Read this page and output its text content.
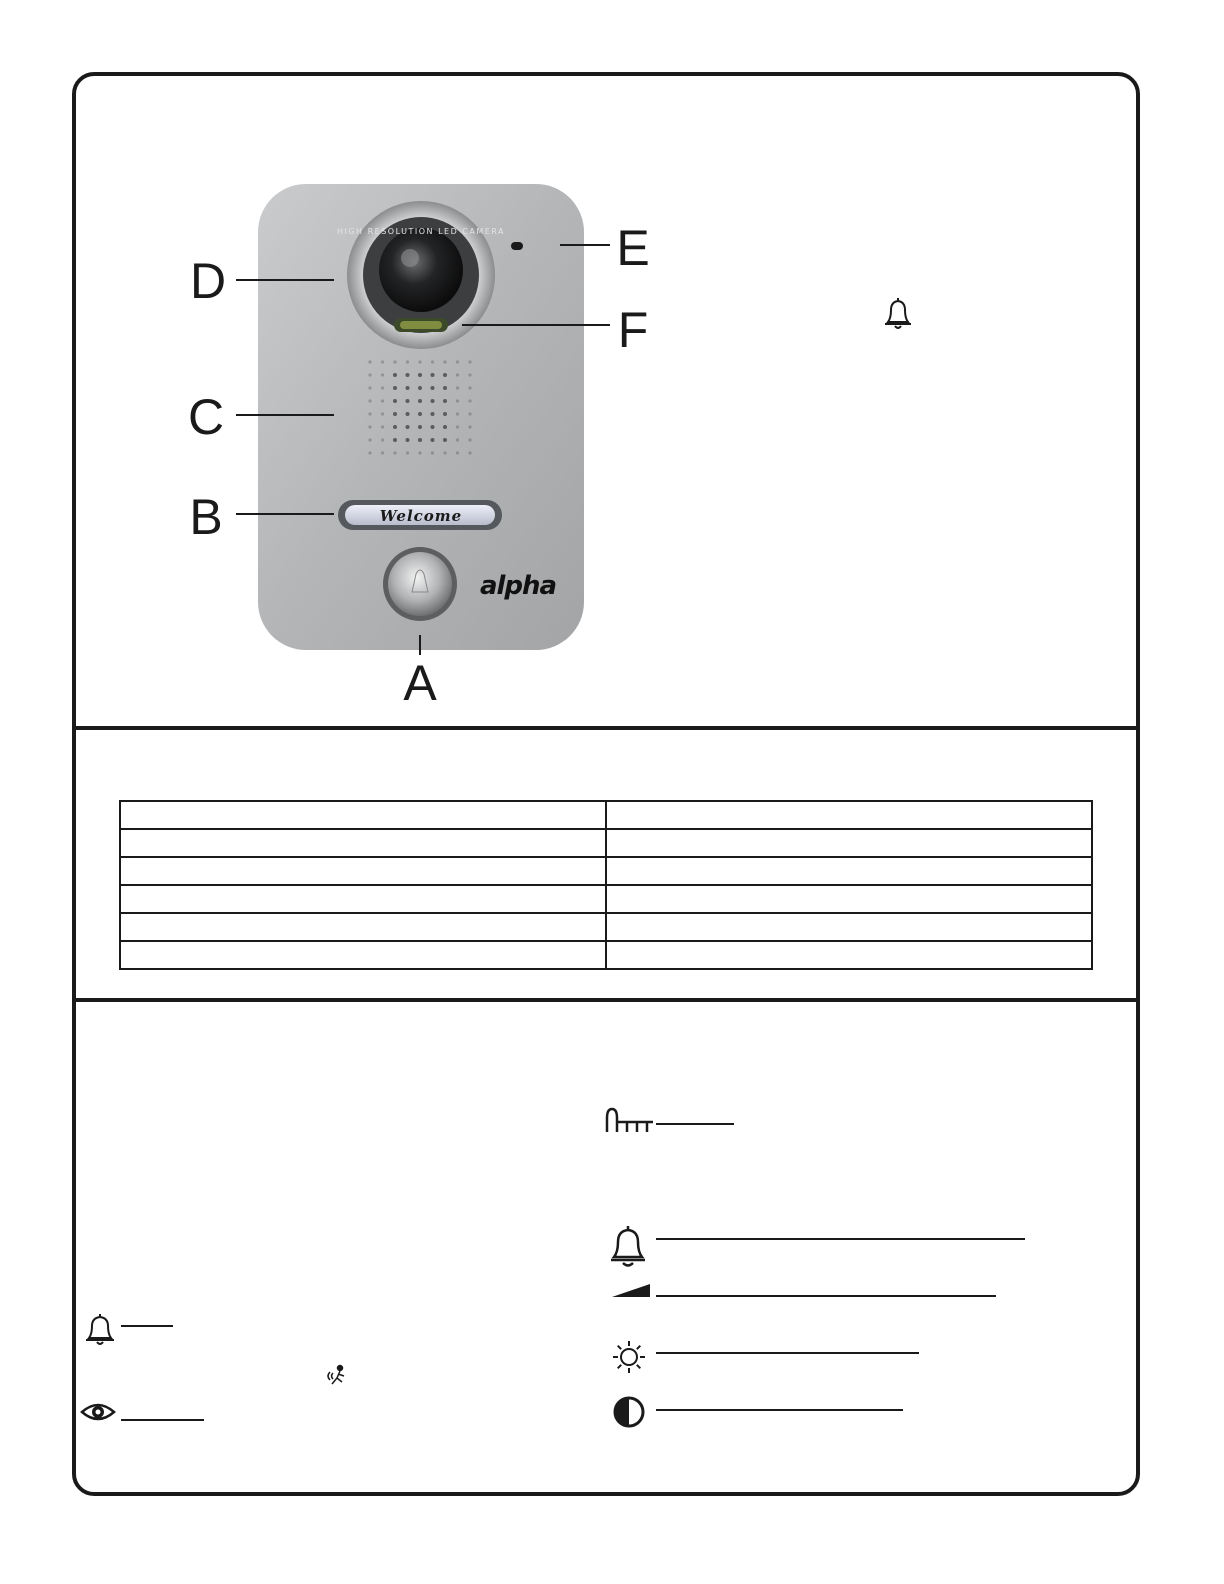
HIGH RESOLUTION LED CAMERA
Welcome
alpha
D
C
B
E
F
A
